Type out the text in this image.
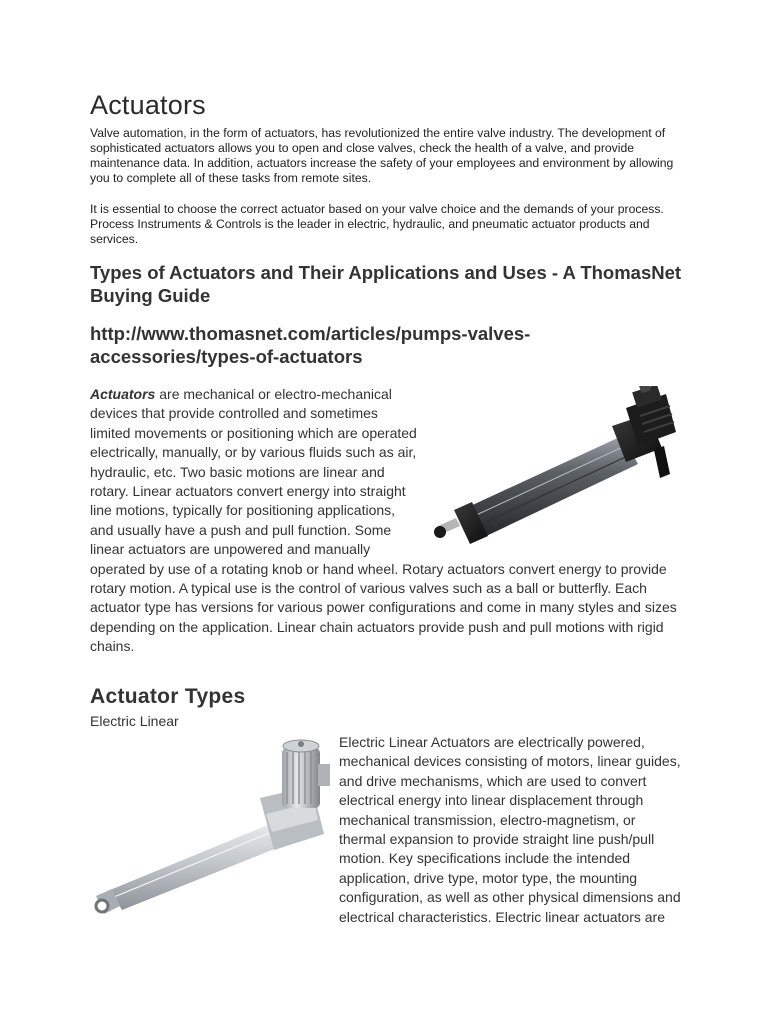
Actuators

Valve automation, in the form of actuators, has revolutionized the entire valve industry. The development of sophisticated actuators allows you to open and close valves, check the health of a valve, and provide maintenance data. In addition, actuators increase the safety of your employees and environment by allowing you to complete all of these tasks from remote sites.

It is essential to choose the correct actuator based on your valve choice and the demands of your process. Process Instruments & Controls is the leader in electric, hydraulic, and pneumatic actuator products and services.

Types of Actuators and Their Applications and Uses - A ThomasNet Buying Guide
http://www.thomasnet.com/articles/pumps-valves-accessories/types-of-actuators
Actuators are mechanical or electro-mechanical devices that provide controlled and sometimes limited movements or positioning which are operated electrically, manually, or by various fluids such as air, hydraulic, etc. Two basic motions are linear and rotary. Linear actuators convert energy into straight line motions, typically for positioning applications, and usually have a push and pull function. Some linear actuators are unpowered and manually operated by use of a rotating knob or hand wheel. Rotary actuators convert energy to provide rotary motion. A typical use is the control of various valves such as a ball or butterfly. Each actuator type has versions for various power configurations and come in many styles and sizes depending on the application. Linear chain actuators provide push and pull motions with rigid chains.
Actuator Types

Electric Linear

Electric Linear Actuators are electrically powered, mechanical devices consisting of motors, linear guides, and drive mechanisms, which are used to convert electrical energy into linear displacement through mechanical transmission, electro-magnetism, or thermal expansion to provide straight line push/pull motion. Key specifications include the intended application, drive type, motor type, the mounting configuration, as well as other physical dimensions and electrical characteristics. Electric linear actuators are
